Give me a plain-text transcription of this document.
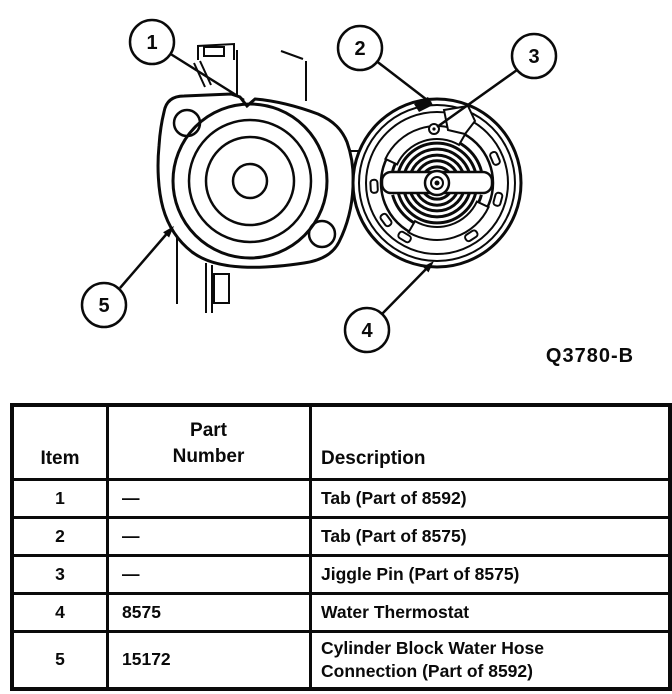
1	2	3
4
5
Q3780-B
Item	Part Number	Description
1	—	Tab (Part of 8592)
2	—	Tab (Part of 8575)
3	—	Jiggle Pin (Part of 8575)
4	8575	Water Thermostat
5	15172	Cylinder Block Water Hose Connection (Part of 8592)
